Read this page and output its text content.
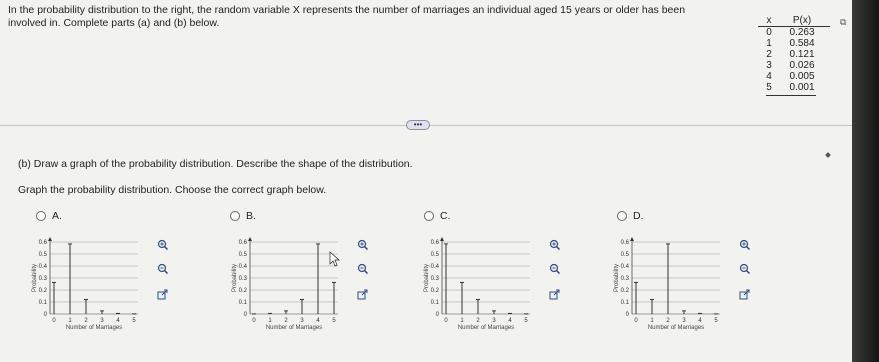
In the probability distribution to the right, the random variable X represents the number of marriages an individual aged 15 years or older has been
involved in. Complete parts (a) and (b) below.	x	P(x)
0	0.263
1	0.584
2	0.121
3	0.026
4	0.005
5	0.001
⧉
•••
(b) Draw a graph of the probability distribution. Describe the shape of the distribution.
Graph the probability distribution. Choose the correct graph below.
A.	B.	C.	D.
0
0.1
0.2
0.3
0.4
0.5
0.6
Probability
0 1 2 3 4 5
Number of Marriages
0
0.1
0.2
0.3
0.4
0.5
0.6
Probability
0 1 2 3 4 5
Number of Marriages
0
0.1
0.2
0.3
0.4
0.5
0.6
Probability
0 1 2 3 4 5
Number of Marriages
0
0.1
0.2
0.3
0.4
0.5
0.6
Probability
0 1 2 3 4 5
Number of Marriages
